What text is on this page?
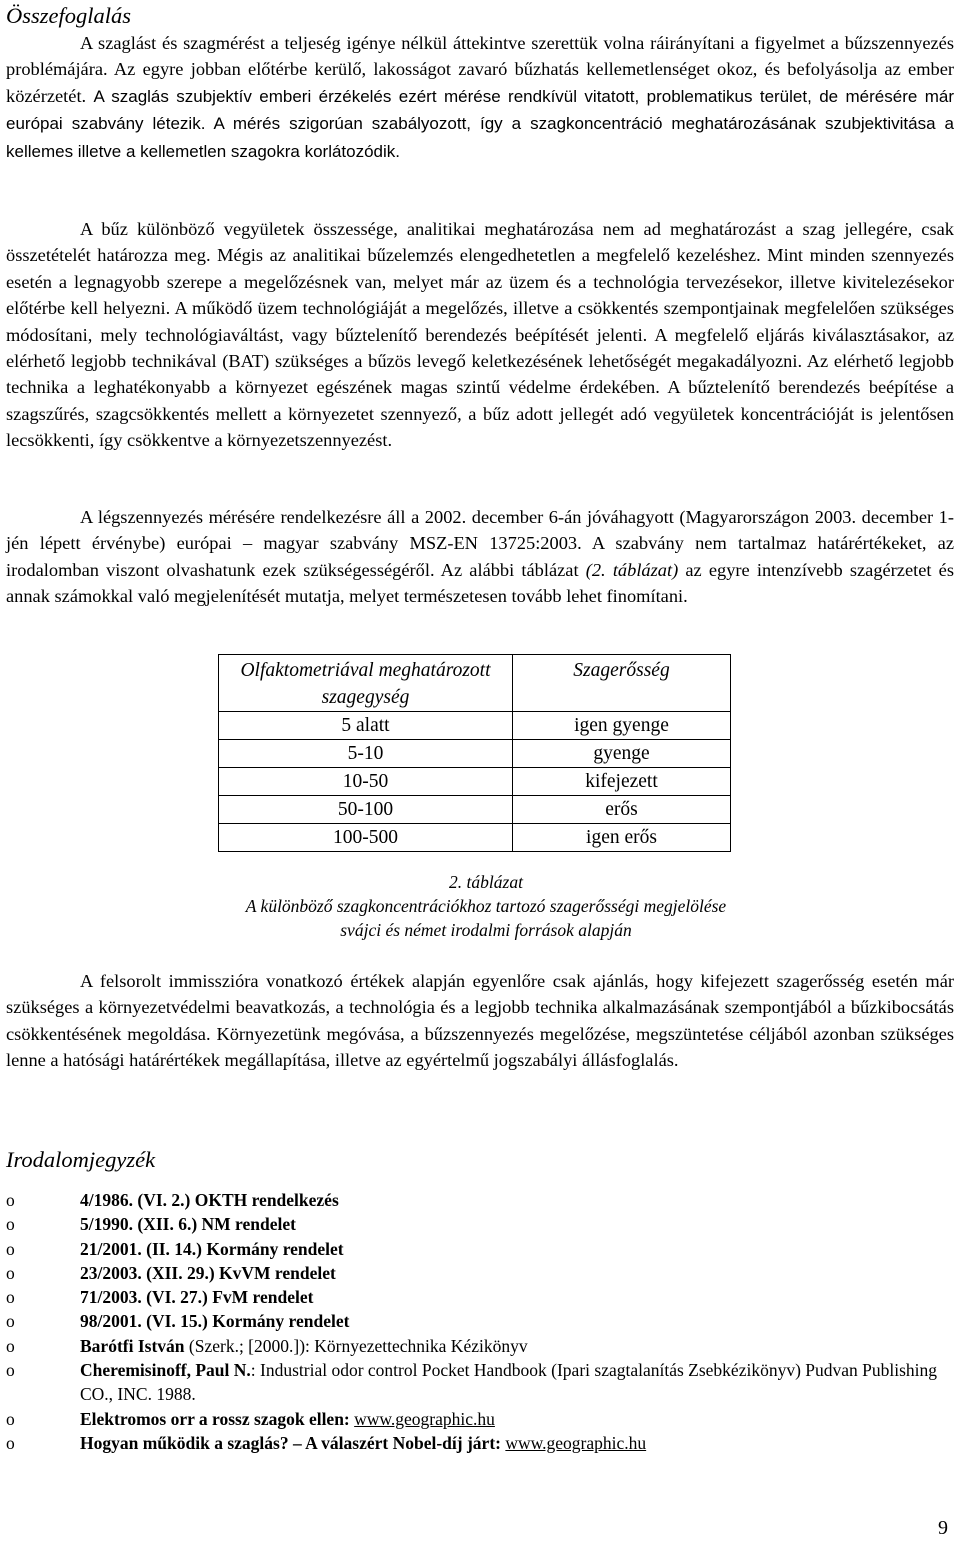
Összefoglalás

A szaglást és szagmérést a teljeség igénye nélkül áttekintve szerettük volna ráirányítani a figyelmet a bűzszennyezés problémájára. Az egyre jobban előtérbe kerülő, lakosságot zavaró bűzhatás kellemetlenséget okoz, és befolyásolja az ember közérzetét. A szaglás szubjektív emberi érzékelés ezért mérése rendkívül vitatott, problematikus terület, de mérésére már európai szabvány létezik. A mérés szigorúan szabályozott, így a szagkoncentráció meghatározásának szubjektivitása a kellemes illetve a kellemetlen szagokra korlátozódik.

A bűz különböző vegyületek összessége, analitikai meghatározása nem ad meghatározást a szag jellegére, csak összetételét határozza meg. Mégis az analitikai bűzelemzés elengedhetetlen a megfelelő kezeléshez. Mint minden szennyezés esetén a legnagyobb szerepe a megelőzésnek van, melyet már az üzem és a technológia tervezésekor, illetve kivitelezésekor előtérbe kell helyezni. A működő üzem technológiáját a megelőzés, illetve a csökkentés szempontjainak megfelelően szükséges módosítani, mely technológiaváltást, vagy bűztelenítő berendezés beépítését jelenti. A megfelelő eljárás kiválasztásakor, az elérhető legjobb technikával (BAT) szükséges a bűzös levegő keletkezésének lehetőségét megakadályozni. Az elérhető legjobb technika a leghatékonyabb a környezet egészének magas szintű védelme érdekében. A bűztelenítő berendezés beépítése a szagszűrés, szagcsökkentés mellett a környezetet szennyező, a bűz adott jellegét adó vegyületek koncentrációját is jelentősen lecsökkenti, így csökkentve a környezetszennyezést.

A légszennyezés mérésére rendelkezésre áll a 2002. december 6-án jóváhagyott (Magyarországon 2003. december 1-jén lépett érvénybe) európai – magyar szabvány MSZ-EN 13725:2003. A szabvány nem tartalmaz határértékeket, az irodalomban viszont olvashatunk ezek szükségességéről. Az alábbi táblázat (2. táblázat) az egyre intenzívebb szagérzetet és annak számokkal való megjelenítését mutatja, melyet természetesen tovább lehet finomítani.

Olfaktometriával meghatározott szagegység	Szagerősség
5 alatt	igen gyenge
5-10	gyenge
10-50	kifejezett
50-100	erős
100-500	igen erős

2. táblázat

A különböző szagkoncentrációkhoz tartozó szagerősségi megjelölése

svájci és német irodalmi források alapján

A felsorolt immisszióra vonatkozó értékek alapján egyenlőre csak ajánlás, hogy kifejezett szagerősség esetén már szükséges a környezetvédelmi beavatkozás, a technológia és a legjobb technika alkalmazásának szempontjából a bűzkibocsátás csökkentésének megoldása. Környezetünk megóvása, a bűzszennyezés megelőzése, megszüntetése céljából azonban szükséges lenne a hatósági határértékek megállapítása, illetve az egyértelmű jogszabályi állásfoglalás.

Irodalomjegyzék
o	4/1986. (VI. 2.) OKTH rendelkezés
o	5/1990. (XII. 6.) NM rendelet
o	21/2001. (II. 14.) Kormány rendelet
o	23/2003. (XII. 29.) KvVM rendelet
o	71/2003. (VI. 27.) FvM rendelet
o	98/2001. (VI. 15.) Kormány rendelet
o	Barótfi István (Szerk.; [2000.]): Környezettechnika Kézikönyv
o	Cheremisinoff, Paul N.: Industrial odor control Pocket Handbook (Ipari szagtalanítás Zsebkézikönyv) Pudvan Publishing CO., INC. 1988.
o	Elektromos orr a rossz szagok ellen: www.geographic.hu
o	Hogyan működik a szaglás? – A válaszért Nobel-díj járt: www.geographic.hu
9
